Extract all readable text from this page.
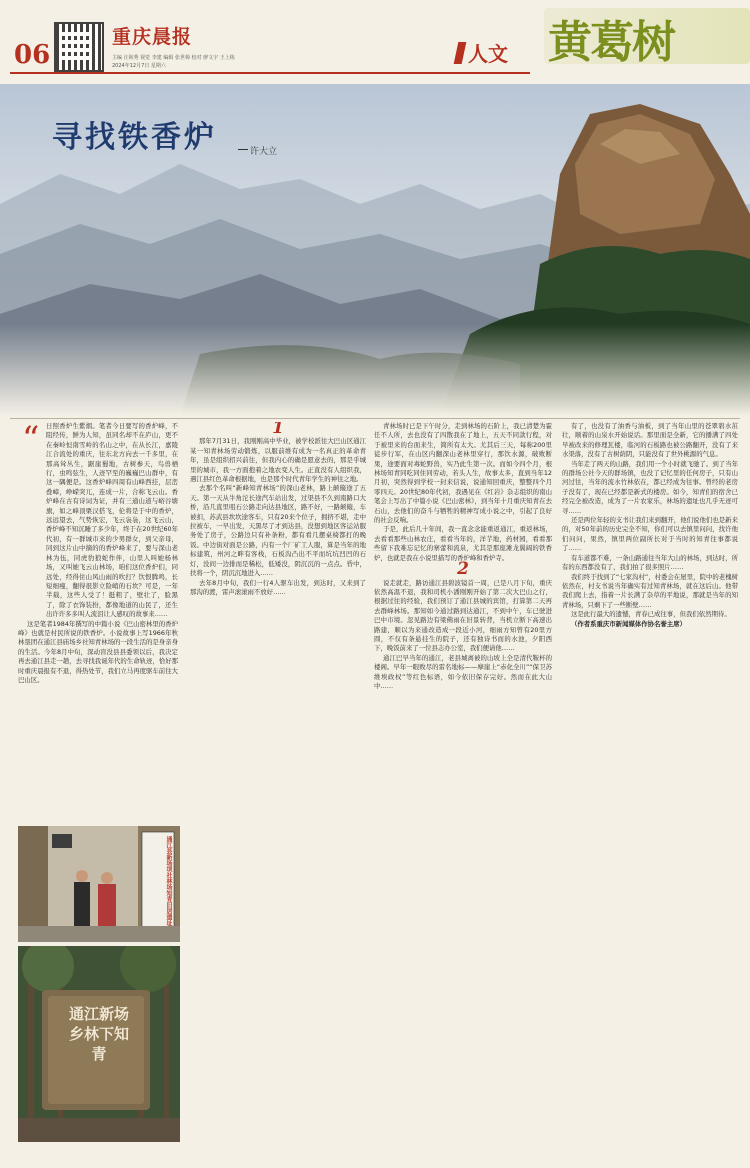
06
重庆晨报
主编 汪和秀 视觉 李建 编辑 张世樟 校对 廖文宇 王上栋
2024年12月7日 星期六	人文 黄葛树
寻找铁香炉	许大立
“	日照香炉生紫烟。笔者今日要写的香炉峰，不阻经传，鲜为人知，虽同名却不在庐山，更不在秦岭恒南雪岭的名山之中，在从长江，嘉陵江合流处的重庆，往东北方向去一千多里，在那高耸丛生，踞崖蜀地，古树参天，鸟兽栖行，虫鸣弦生，人迹罕至的巍巍巴山群中，有这一隅便是。这香炉峰四周有山峰西挂，层峦叠嶂，峥嵘突兀，连成一片，合称飞云山。香炉峰在古有诗词为证，并有三通山道与峪谷塘旗，如之峰顶栗汉搭飞，伦将是于中的香炉，远远望去，气势恢宏，飞云袅袅，这飞云山，香炉峰不知沉睡了多少年，终于在20世纪60年代初，有一群城市来的少男群女，到父亲母，同到这片山中摘的的香炉峰来了，要与深山老林为伍，同虎豹狼蛇作伴，山里人叫她杨林场，又叫她飞云山林场，咱们这位香炉们，同远处，经得住山风山雨的吹打？饮恨腾鸣，长短细瘦，翻得很影立险峭的石坎？可是，一年半载，这些人受了！挺粗了，壁壮了，脸黑了，除了衣饰装扮，都像地道的山民了，还生出许许多多叫人流泪让人感叹的故事来……

这是笔者1984年撰写的中篇小说《巴山密林里的香炉峰》也就是村民所说的铁香炉。小说故事上写1966年秋林垦团在通江县庙场乡社知青林场的一段生活的是身亲身的生活。今年8月中旬，深动盲没县县委领以后，我决定再去通江县走一趟，去寻找我诞年代的生命轨迹，恰好那时重庆晨报有不退，得热处节，我们立马再度驱车前往大巴山区。

通江县新场坝社林场知青旧居遗址
通江新场乡林下知青
1

那年7月31日，我刚刚高中毕业，被学校派往大巴山区通江某一知青林场劳动锻炼，以服前维有成为一名真正的革命青年，虽是组织招兴前往，但我内心的确是愿意去的，那是乎城里的城市，我一方面抱着之地农变人生。正直没有人组织我，遇江县红色革命根据地，也是那个时代青年学生的神往之地。

去那个名叫“新峰知青林场”的深山老林，路上颠簸途了五天。第一天从牛角沱长途汽车站出发，过渠县不久到南路口大桥，沿几直里咀石公路走向达县地区，路不好，一路颠簸，车被扣，苏武县坎坎途客车，只有20来个位子，拥挤不堪，走中拉被车，一早出发，天黑尽了才到达县，没想到地区客运站服务处了房子，公路边只有补条粉，都有看几摆桌椅都打的晚饭。中边街对面是公路，内有一个厂矿工人服，算是当年的地标建筑，州河之畔有客栈，石板沟凸出不平而坑坑凹凹的石灯，没间一边排而是稀松，低矮没，阴沉沉的一点点。昏中，扶将一个，阴沉沉地进入……

去年8月中旬，我们一行4人驱车出发，到达时，又来到了那沟的渡，雷声滚滚雨不放好……

青林场时已是下午时分，走到林场的石阶上，我已清楚为霍任不人所，去也没有了四散我在了地上，五天不同款行程，对于被里来的台面来生，简所有太大。尤其后三天，每称200里徒步行军，在山区内翻深山老林里穿行，那饮水源，破败断果，途要面对毒蛇野兽，实乃此生第一次。而如今四个月，根林场知青同吃同住同劳动，若头人生，故事太多，直到当年12月初，突然得到学校一封来信说，说通知回重庆，整整四个月零四天。20世纪80年代初，我遇见在《红岩》杂志组织的南山笔会上写出了中篇小说《巴山密林》，到当年十月重庆知青在去石山，去他们的奋斗与牺牲的精神写成小说之中，引起了良好的社会反响。

于是，此后几十年间，我一直念念能重返通江，重返林场，去看看那些山林农庄，看看当年的，洋芋地，药材园，看看那些留下我难忘记忆的寨蕾和流泉，尤其是那座滩龙翼阔的铁香炉，也就是我在小说里描写的香炉峰和香炉寺。

2

说走就走，路访通江县碧波镜首一周，已是八月下旬，重庆依然高温不退，我和司机小潘刚刚开始了第二次大巴山之行，根据过往的经验，我们预订了通江县城的宾馆，打算第二天再去群峰林场。那知如今通过路到达通江，不到中午，车已驶进巴中市境。忽见路边有梁佛雨在旧景转背，当机立断下高速出路建，顺以为来通改造成一段近小河，细雨方知曾有20里方圆，不仅有条悬挂生的院子，还有独诗书而的水池，夕阳西下，晚饭前来了一位县志办公室，我们便请他……

通江巴早当年的通江，老县城离被的山坡上全是清代鞍杯的楼阁。早年一眼败尽的雷名地标——摩崖上“赤化全川”“保卫苏维埃政权”等红色标语，如今依旧保存完好。然而在此大山中……

有了，也没有了油香与油板，到了当年山里的苍翠碧水茁壮，顺着的山泉水开始说话。那里面是全新，它的播满了四处早被改来的修理瓦楼，临河的石板路也被公路翻开，没有了来水渠落，没有了古树荫阴，只能没有了世外桃源的气息。

当年走了两天的山路，我们用一个小时就飞驰了。到了当年的群场公社今天的群场镇，也没了记忆里的任何房子，只有山河过往，当年的流水竹林依在，都已经成为往事。曾经的老房子没有了，现在已经都是新式的楼房。如今，知青们的宿舍已经完全被改造，成为了一片农家乐，林场的遗址也几乎无迹可寻……

还是两位年轻的支书让我们来到翻开，他们说他们也是新来的，对50年前的历史完全不知，你们可以去镇里问问，找许他们问问，果然，镇里两位副所长对于当时的知青往事都说了……

有车道都不难，一条山路通往当年大山的林场，到达时，所有的东西都没有了，我们拍了很多照片……

我们终于找到了“七家沟村”，村委会在屋里，院中的老槐树依然在，村支书说当年确实有过知青林场，就在这后山。他带我们爬上去，指着一片长满了杂草的平地说，那就是当年的知青林场，只剩下了一些断壁……

这是此行最大的遗憾，青春已成往事，但我们依然期待。

（作者系重庆市新闻媒体作协名誉主席）
